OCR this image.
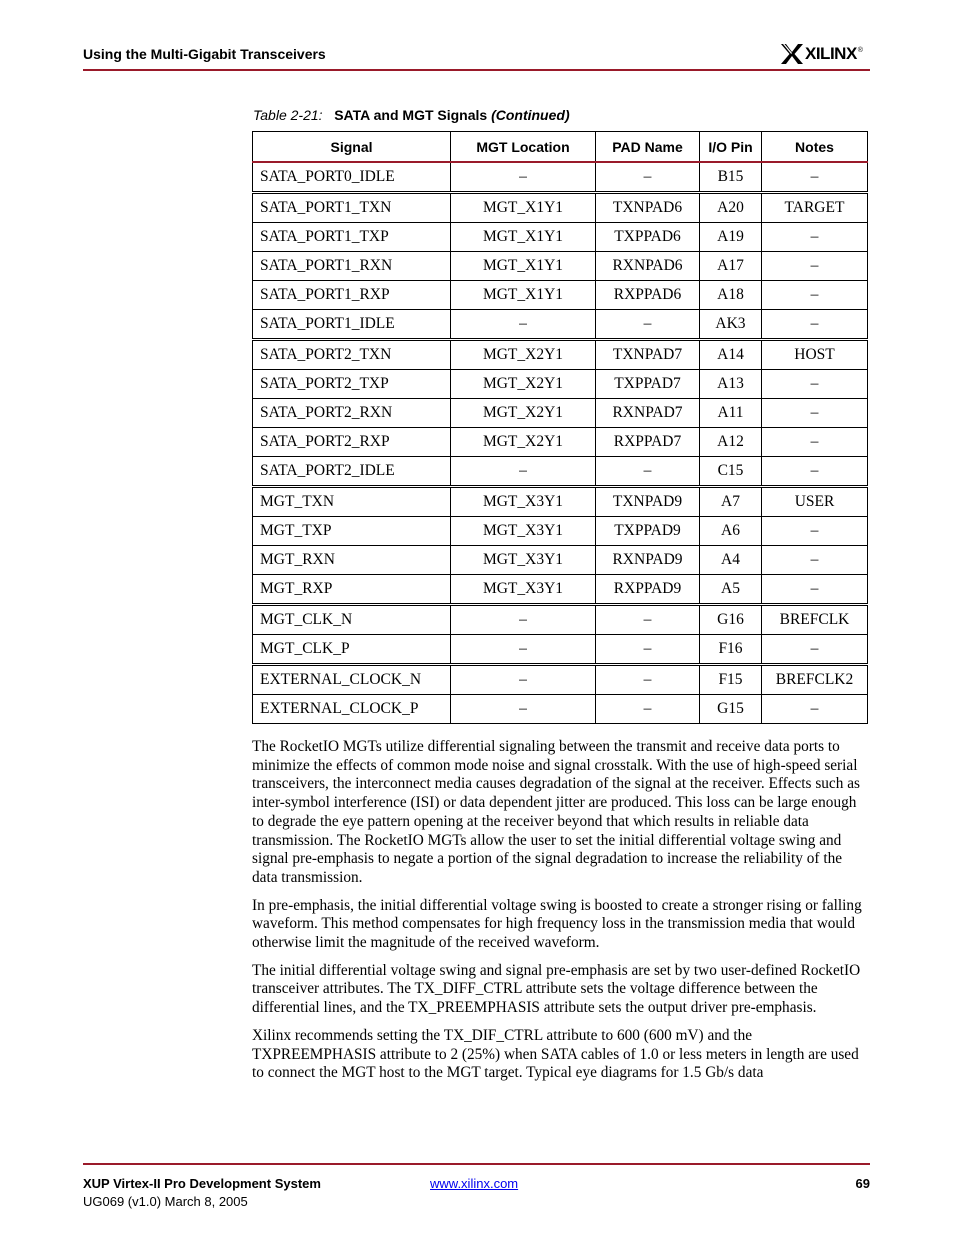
Using the Multi-Gigabit Transceivers	XILINX ®
Table 2-21: SATA and MGT Signals (Continued)
Signal	MGT Location	PAD Name	I/O Pin	Notes
SATA_PORT0_IDLE	–	–	B15	–
SATA_PORT1_TXN	MGT_X1Y1	TXNPAD6	A20	TARGET
SATA_PORT1_TXP	MGT_X1Y1	TXPPAD6	A19	–
SATA_PORT1_RXN	MGT_X1Y1	RXNPAD6	A17	–
SATA_PORT1_RXP	MGT_X1Y1	RXPPAD6	A18	–
SATA_PORT1_IDLE	–	–	AK3	–
SATA_PORT2_TXN	MGT_X2Y1	TXNPAD7	A14	HOST
SATA_PORT2_TXP	MGT_X2Y1	TXPPAD7	A13	–
SATA_PORT2_RXN	MGT_X2Y1	RXNPAD7	A11	–
SATA_PORT2_RXP	MGT_X2Y1	RXPPAD7	A12	–
SATA_PORT2_IDLE	–	–	C15	–
MGT_TXN	MGT_X3Y1	TXNPAD9	A7	USER
MGT_TXP	MGT_X3Y1	TXPPAD9	A6	–
MGT_RXN	MGT_X3Y1	RXNPAD9	A4	–
MGT_RXP	MGT_X3Y1	RXPPAD9	A5	–
MGT_CLK_N	–	–	G16	BREFCLK
MGT_CLK_P	–	–	F16	–
EXTERNAL_CLOCK_N	–	–	F15	BREFCLK2
EXTERNAL_CLOCK_P	–	–	G15	–

The RocketIO MGTs utilize differential signaling between the transmit and receive data ports to minimize the effects of common mode noise and signal crosstalk. With the use of high-speed serial transceivers, the interconnect media causes degradation of the signal at the receiver. Effects such as inter-symbol interference (ISI) or data dependent jitter are produced. This loss can be large enough to degrade the eye pattern opening at the receiver beyond that which results in reliable data transmission. The RocketIO MGTs allow the user to set the initial differential voltage swing and signal pre-emphasis to negate a portion of the signal degradation to increase the reliability of the data transmission.

In pre-emphasis, the initial differential voltage swing is boosted to create a stronger rising or falling waveform. This method compensates for high frequency loss in the transmission media that would otherwise limit the magnitude of the received waveform.

The initial differential voltage swing and signal pre-emphasis are set by two user-defined RocketIO transceiver attributes. The TX_DIFF_CTRL attribute sets the voltage difference between the differential lines, and the TX_PREEMPHASIS attribute sets the output driver pre-emphasis.

Xilinx recommends setting the TX_DIF_CTRL attribute to 600 (600 mV) and the TXPREEMPHASIS attribute to 2 (25%) when SATA cables of 1.0 or less meters in length are used to connect the MGT host to the MGT target. Typical eye diagrams for 1.5 Gb/s data

XUP Virtex-II Pro Development System
UG069 (v1.0) March 8, 2005
www.xilinx.com	69
